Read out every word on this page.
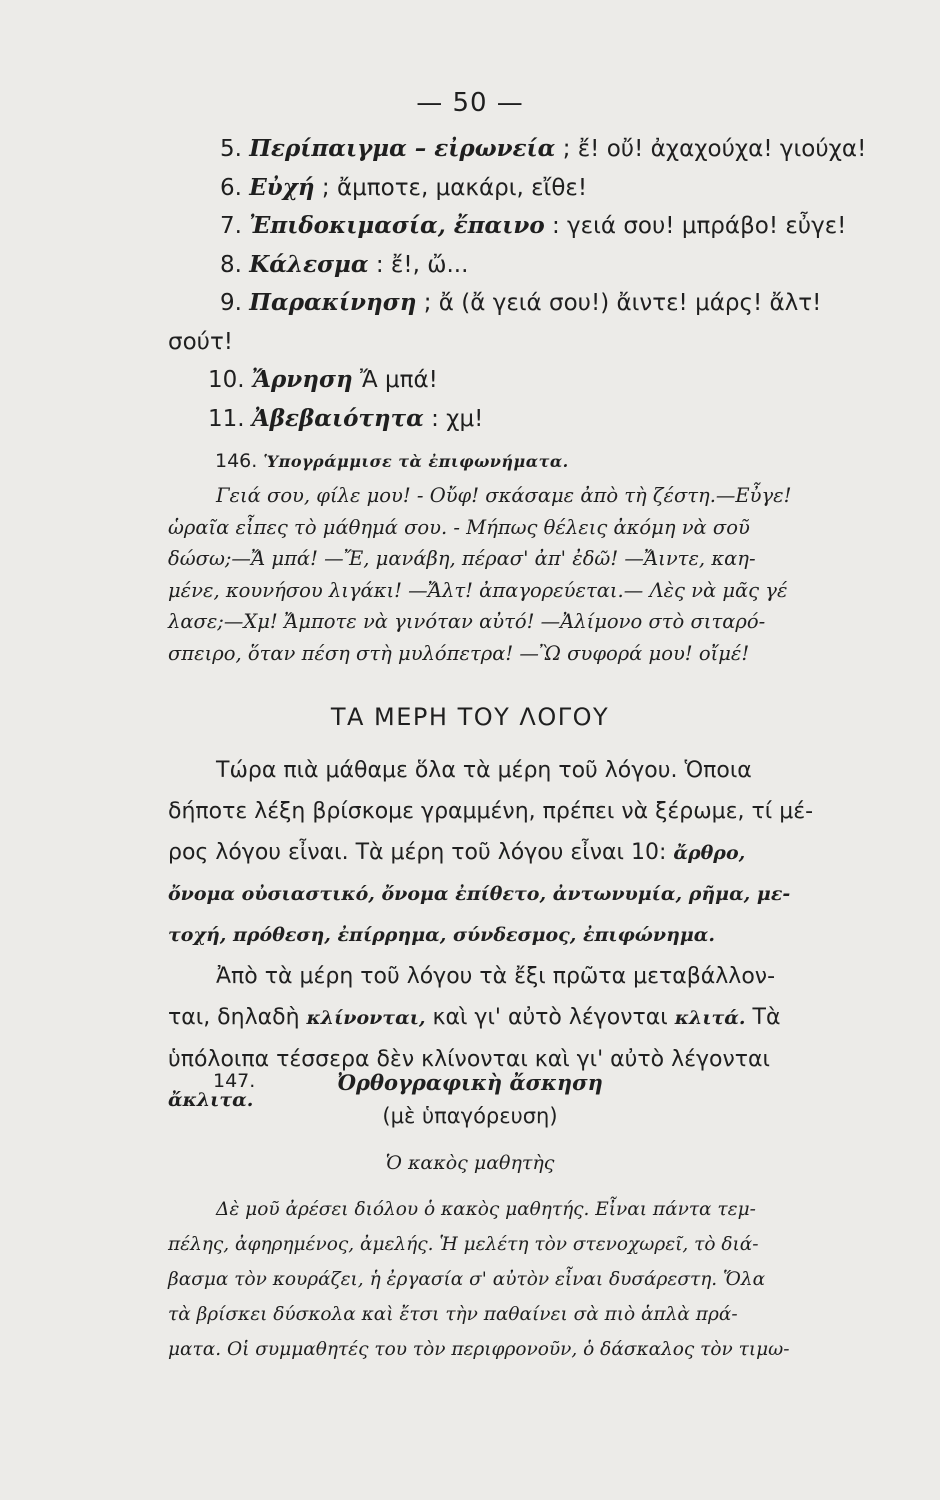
— 50 —
5. Περίπαιγμα – εἰρωνεία ; ἔ! οὔ! ἀχαχούχα! γιούχα!
6. Εὐχή ; ἄμποτε, μακάρι, εἴθε!
7. Ἐπιδοκιμασία, ἔπαινο : γειά σου! μπράβο! εὖγε!
8. Κάλεσμα : ἔ!, ὤ...
9. Παρακίνηση ; ἄ (ἄ γειά σου!) ἄιντε! μάρς! ἄλτ!
σούτ!
10. Ἄρνηση Ἄ μπά!
11. Ἀβεβαιότητα : χμ!
146. Ὑπογράμμισε τὰ ἐπιφωνήματα.
Γειά σου, φίλε μου! - Οὔφ! σκάσαμε ἀπὸ τὴ ζέστη.—Εὖγε!
ὡραῖα εἶπες τὸ μάθημά σου. - Μήπως θέλεις ἀκόμη νὰ σοῦ
δώσω;—Ἄ μπά! —Ἔ, μανάβη, πέρασ' ἀπ' ἐδῶ! —Ἄιντε, καη-
μένε, κουνήσου λιγάκι! —Ἄλτ! ἀπαγορεύεται.— Λὲς νὰ μᾶς γέ
λασε;—Χμ! Ἄμποτε νὰ γινόταν αὐτό! —Ἀλίμονο στὸ σιταρό-
σπειρο, ὅταν πέση στὴ μυλόπετρα! —Ὢ συφορά μου! οἴμέ!
ΤΑ ΜΕΡΗ ΤΟΥ ΛΟΓΟΥ
Τώρα πιὰ μάθαμε ὅλα τὰ μέρη τοῦ λόγου. Ὁποια
δήποτε λέξη βρίσκομε γραμμένη, πρέπει νὰ ξέρωμε, τί μέ-
ρος λόγου εἶναι. Τὰ μέρη τοῦ λόγου εἶναι 10: ἄρθρο,
ὄνομα οὐσιαστικό, ὄνομα ἐπίθετο, ἀντωνυμία, ρῆμα, με-
τοχή, πρόθεση, ἐπίρρημα, σύνδεσμος, ἐπιφώνημα.
Ἀπὸ τὰ μέρη τοῦ λόγου τὰ ἔξι πρῶτα μεταβάλλον-
ται, δηλαδὴ κλίνονται, καὶ γι' αὐτὸ λέγονται κλιτά. Τὰ
ὑπόλοιπα τέσσερα δὲν κλίνονται καὶ γι' αὐτὸ λέγονται
ἄκλιτα.
147.	Ὀρθογραφικὴ ἄσκηση
(μὲ ὑπαγόρευση)
Ὁ κακὸς μαθητὴς
Δὲ μοῦ ἀρέσει διόλου ὁ κακὸς μαθητής. Εἶναι πάντα τεμ-
πέλης, ἀφηρημένος, ἀμελής. Ἡ μελέτη τὸν στενοχωρεῖ, τὸ διά-
βασμα τὸν κουράζει, ἡ ἐργασία σ' αὐτὸν εἶναι δυσάρεστη. Ὅλα
τὰ βρίσκει δύσκολα καὶ ἔτσι τὴν παθαίνει σὰ πιὸ ἁπλὰ πρά-
ματα. Οἱ συμμαθητές του τὸν περιφρονοῦν, ὁ δάσκαλος τὸν τιμω-
